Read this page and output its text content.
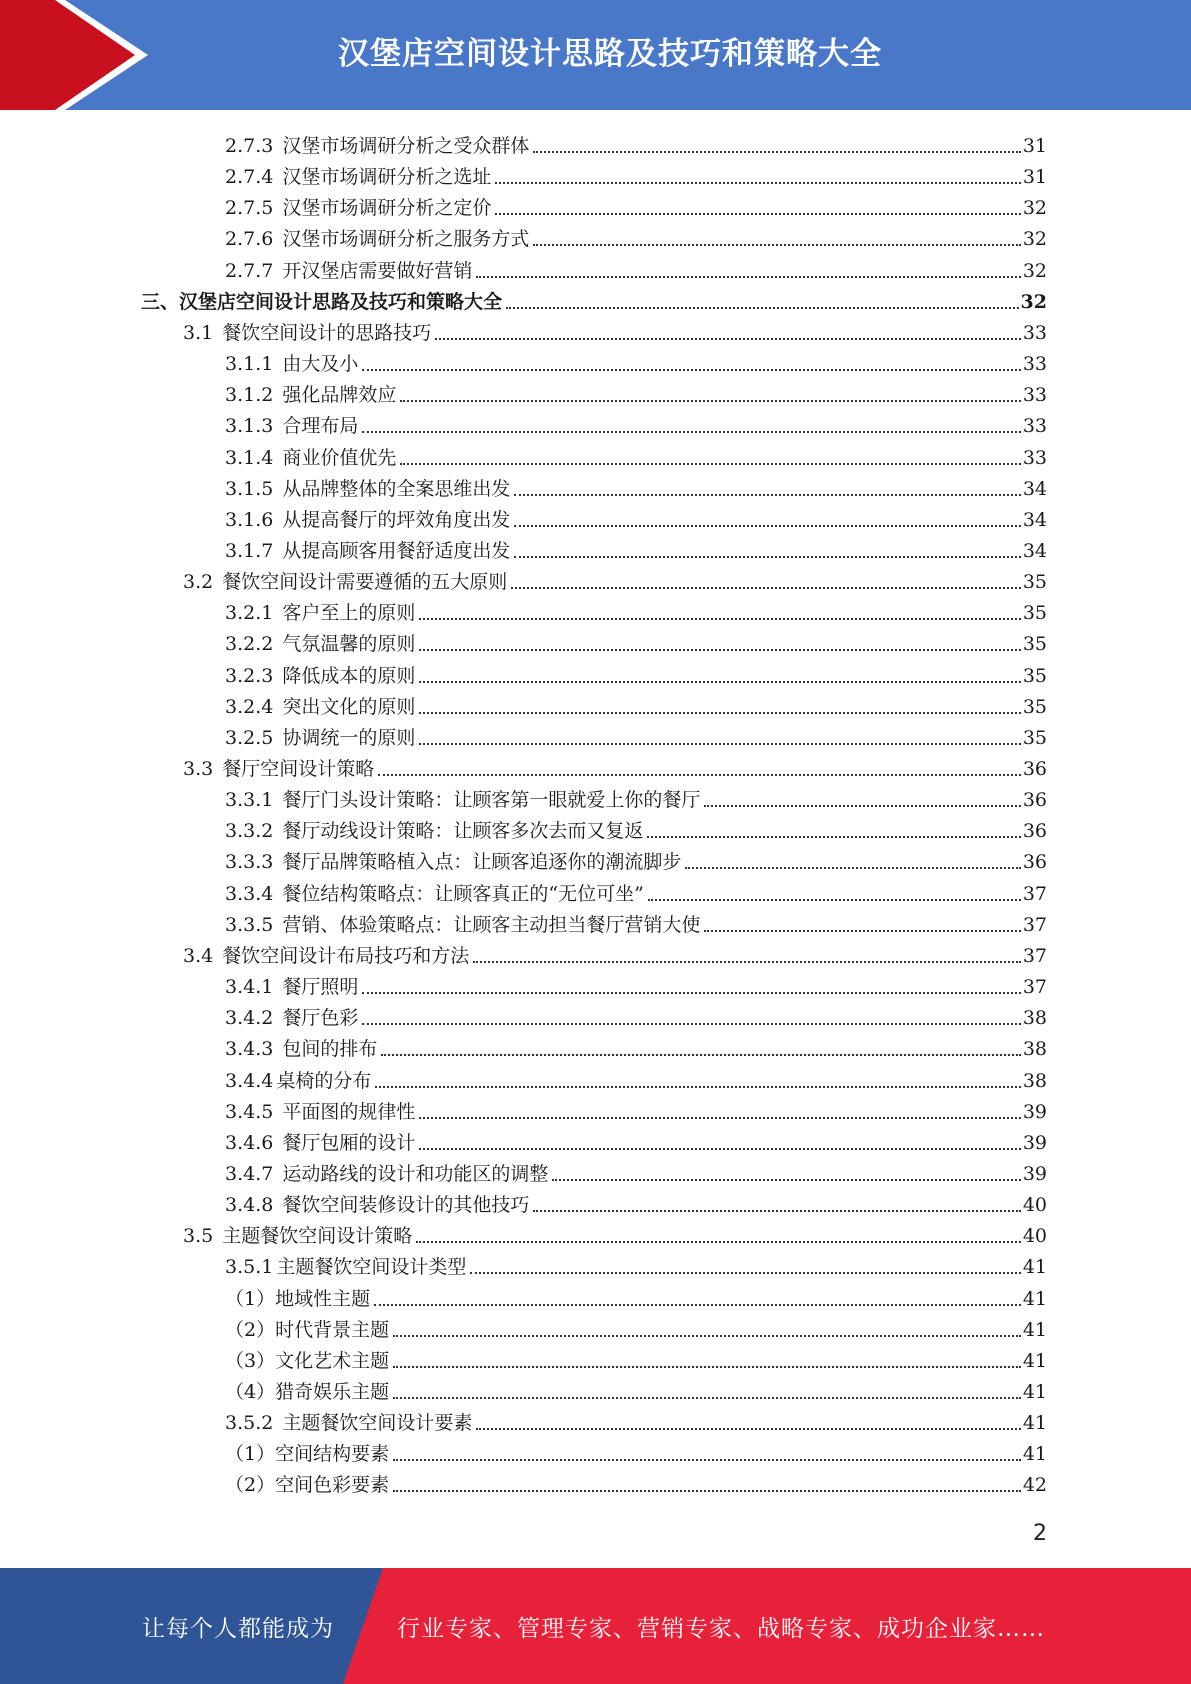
汉堡店空间设计思路及技巧和策略大全
2.7.3 汉堡市场调研分析之受众群体	31
2.7.4 汉堡市场调研分析之选址	31
2.7.5 汉堡市场调研分析之定价	32
2.7.6 汉堡市场调研分析之服务方式	32
2.7.7 开汉堡店需要做好营销	32
三、汉堡店空间设计思路及技巧和策略大全	32
3.1 餐饮空间设计的思路技巧	33
3.1.1 由大及小	33
3.1.2 强化品牌效应	33
3.1.3 合理布局	33
3.1.4 商业价值优先	33
3.1.5 从品牌整体的全案思维出发	34
3.1.6 从提高餐厅的坪效角度出发	34
3.1.7 从提高顾客用餐舒适度出发	34
3.2 餐饮空间设计需要遵循的五大原则	35
3.2.1 客户至上的原则	35
3.2.2 气氛温馨的原则	35
3.2.3 降低成本的原则	35
3.2.4 突出文化的原则	35
3.2.5 协调统一的原则	35
3.3 餐厅空间设计策略	36
3.3.1 餐厅门头设计策略：让顾客第一眼就爱上你的餐厅	36
3.3.2 餐厅动线设计策略：让顾客多次去而又复返	36
3.3.3 餐厅品牌策略植入点：让顾客追逐你的潮流脚步	36
3.3.4 餐位结构策略点：让顾客真正的“无位可坐”	37
3.3.5 营销、体验策略点：让顾客主动担当餐厅营销大使	37
3.4 餐饮空间设计布局技巧和方法	37
3.4.1 餐厅照明	37
3.4.2 餐厅色彩	38
3.4.3 包间的排布	38
3.4.4 桌椅的分布	38
3.4.5 平面图的规律性	39
3.4.6 餐厅包厢的设计	39
3.4.7 运动路线的设计和功能区的调整	39
3.4.8 餐饮空间装修设计的其他技巧	40
3.5 主题餐饮空间设计策略	40
3.5.1 主题餐饮空间设计类型	41
（1） 地域性主题	41
（2） 时代背景主题	41
（3） 文化艺术主题	41
（4） 猎奇娱乐主题	41
3.5.2 主题餐饮空间设计要素	41
（1） 空间结构要素	41
（2） 空间色彩要素	42
2
让每个人都能成为	行业专家、管理专家、营销专家、战略专家、成功企业家……
